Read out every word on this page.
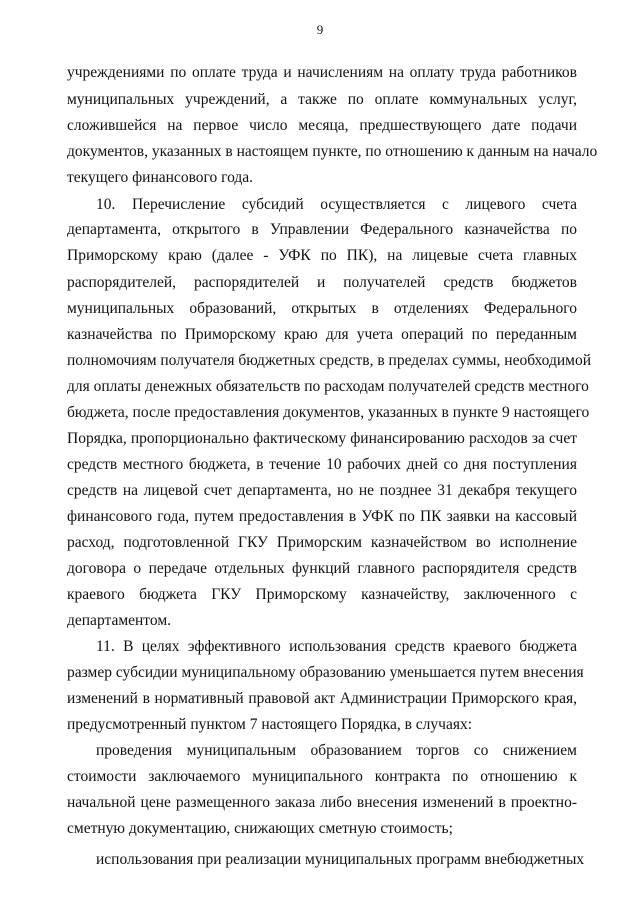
9
учреждениями по оплате труда и начислениям на оплату труда работников
муниципальных учреждений, а также по оплате коммунальных услуг,
сложившейся на первое число месяца, предшествующего дате подачи
документов, указанных в настоящем пункте, по отношению к данным на начало
текущего финансового года.
10. Перечисление субсидий осуществляется с лицевого счета
департамента, открытого в Управлении Федерального казначейства по
Приморскому краю (далее - УФК по ПК), на лицевые счета главных
распорядителей, распорядителей и получателей средств бюджетов
муниципальных образований, открытых в отделениях Федерального
казначейства по Приморскому краю для учета операций по переданным
полномочиям получателя бюджетных средств, в пределах суммы, необходимой
для оплаты денежных обязательств по расходам получателей средств местного
бюджета, после предоставления документов, указанных в пункте 9 настоящего
Порядка, пропорционально фактическому финансированию расходов за счет
средств местного бюджета, в течение 10 рабочих дней со дня поступления
средств на лицевой счет департамента, но не позднее 31 декабря текущего
финансового года, путем предоставления в УФК по ПК заявки на кассовый
расход, подготовленной ГКУ Приморским казначейством во исполнение
договора о передаче отдельных функций главного распорядителя средств
краевого бюджета ГКУ Приморскому казначейству, заключенного с
департаментом.
11. В целях эффективного использования средств краевого бюджета
размер субсидии муниципальному образованию уменьшается путем внесения
изменений в нормативный правовой акт Администрации Приморского края,
предусмотренный пунктом 7 настоящего Порядка, в случаях:
проведения муниципальным образованием торгов со снижением
стоимости заключаемого муниципального контракта по отношению к
начальной цене размещенного заказа либо внесения изменений в проектно-
сметную документацию, снижающих сметную стоимость;
использования при реализации муниципальных программ внебюджетных
